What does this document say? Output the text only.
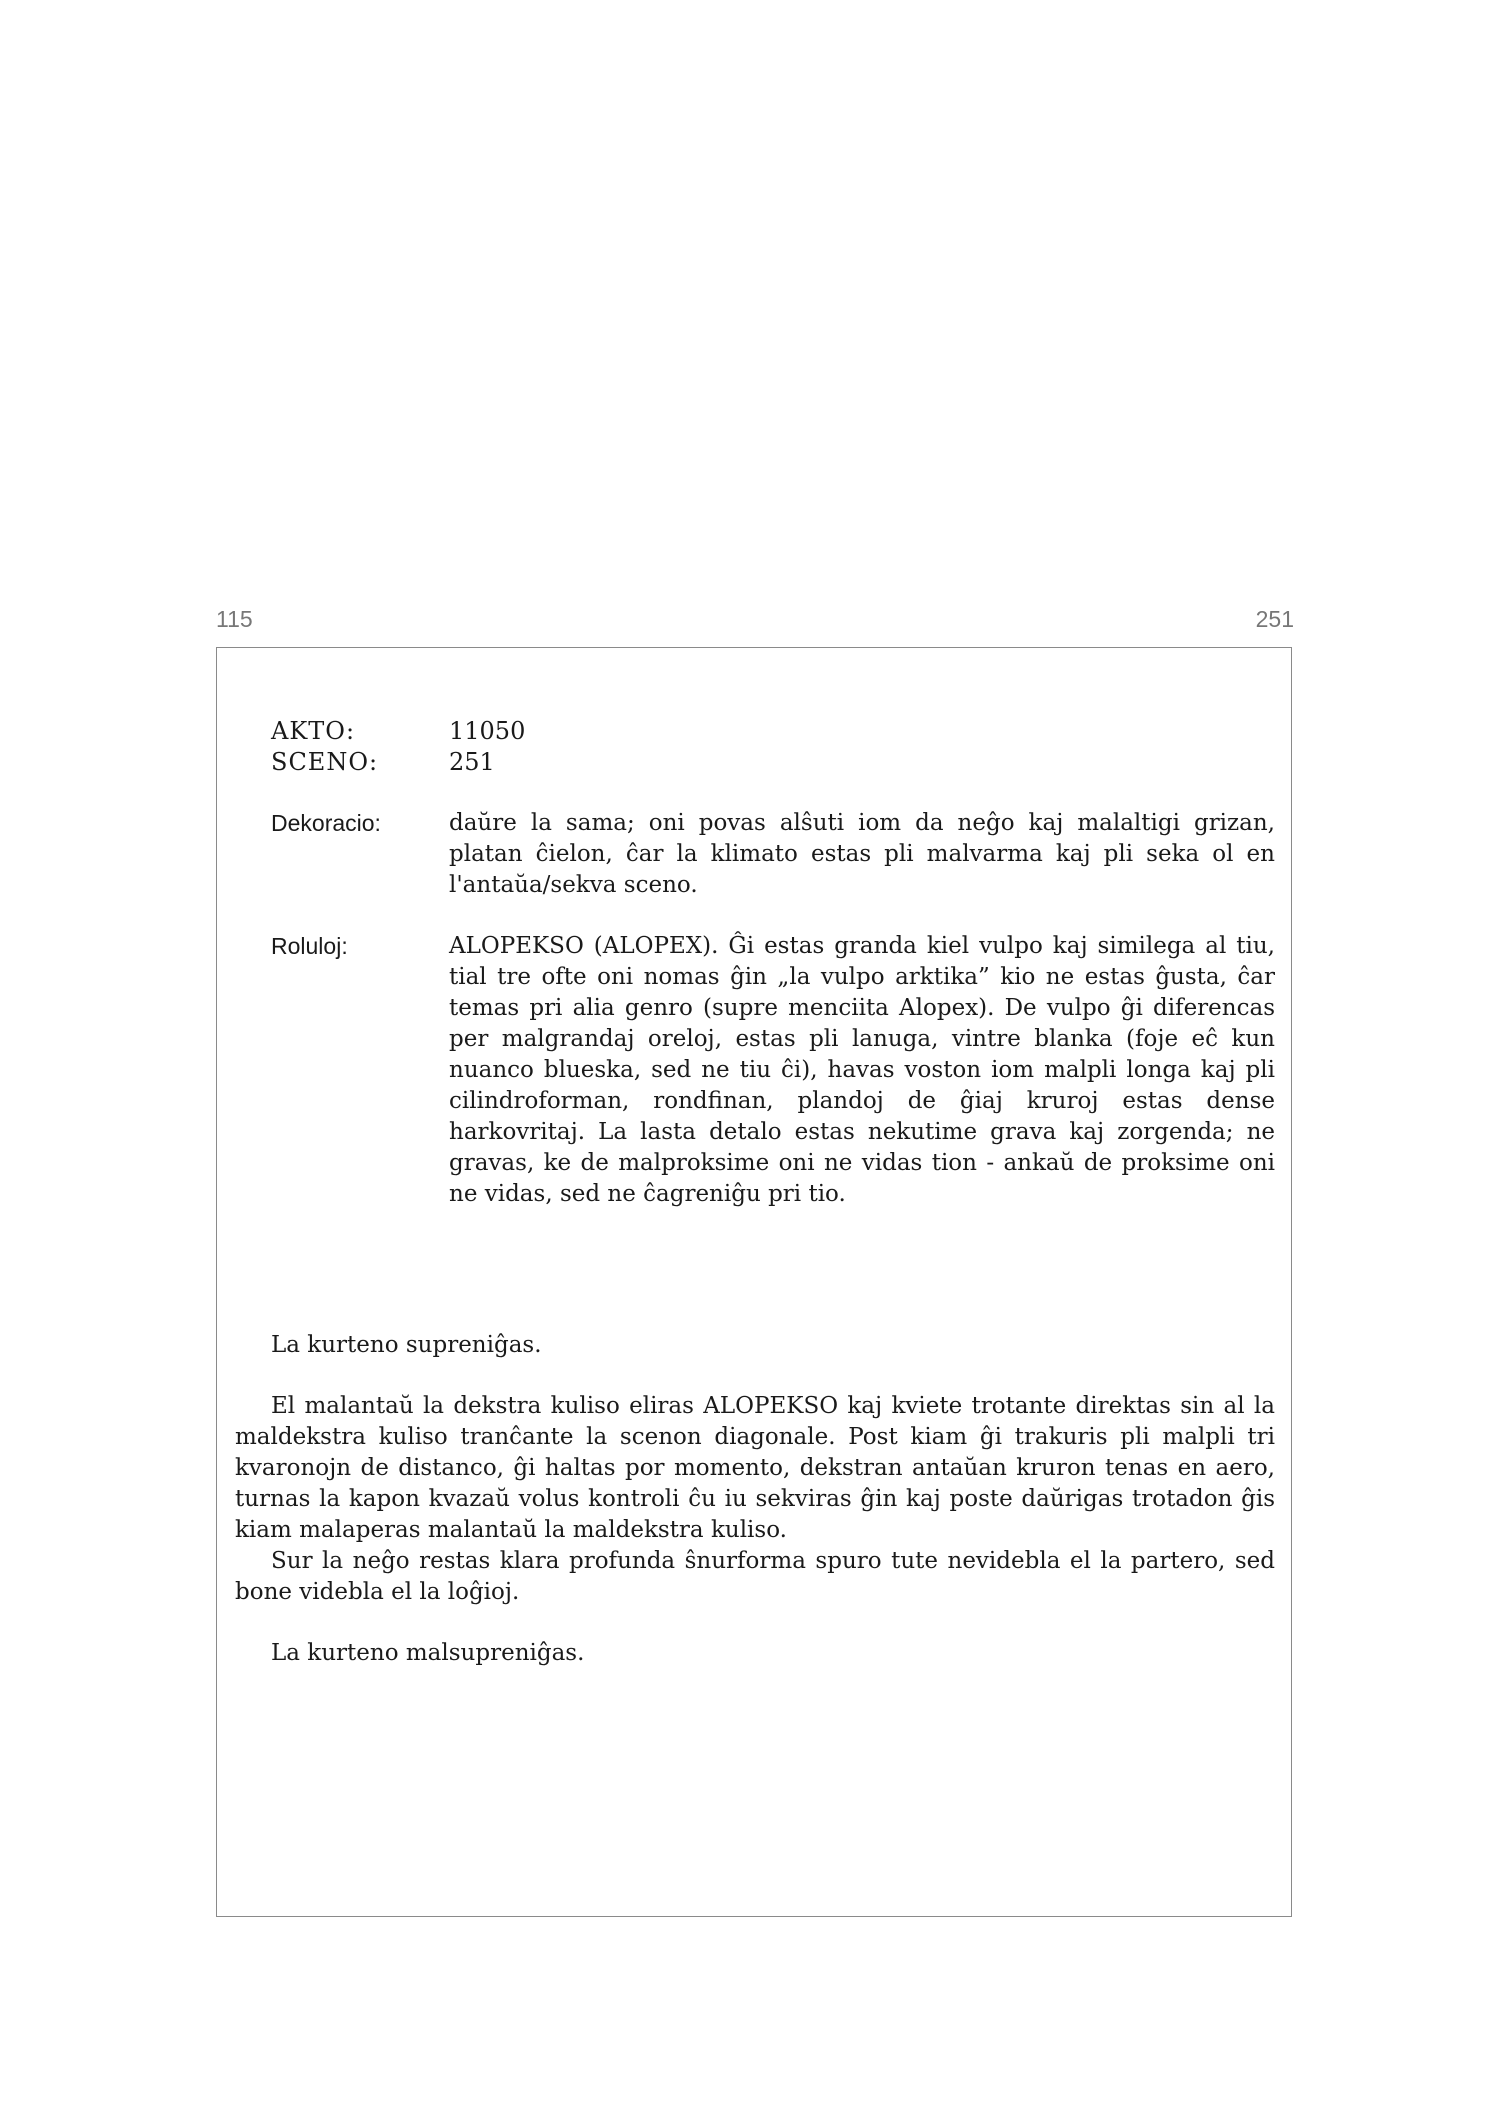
115	251
AKTO:	11050
SCENO:	251
Dekoracio:	daŭre la sama; oni povas alŝuti iom da neĝo kaj malaltigi grizan, platan ĉielon, ĉar la klimato estas pli malvarma kaj pli seka ol en l'antaŭa/sekva sceno.
Roluloj:	ALOPEKSO (ALOPEX). Ĝi estas granda kiel vulpo kaj similega al tiu, tial tre ofte oni nomas ĝin „la vulpo arktika” kio ne estas ĝusta, ĉar temas pri alia genro (supre menciita Alopex). De vulpo ĝi diferencas per malgrandaj oreloj, estas pli lanuga, vintre blanka (foje eĉ kun nuanco blueska, sed ne tiu ĉi), havas voston iom malpli longa kaj pli cilindroforman, rondfinan, plandoj de ĝiaj kruroj estas dense harkovritaj. La lasta detalo estas nekutime grava kaj zorgenda; ne gravas, ke de malproksime oni ne vidas tion - ankaŭ de proksime oni ne vidas, sed ne ĉagreniĝu pri tio.

La kurteno supreniĝas.

El malantaŭ la dekstra kuliso eliras ALOPEKSO kaj kviete trotante direktas sin al la maldekstra kuliso tranĉante la scenon diagonale. Post kiam ĝi trakuris pli malpli tri kvaronojn de distanco, ĝi haltas por momento, dekstran antaŭan kruron tenas en aero, turnas la kapon kvazaŭ volus kontroli ĉu iu sekviras ĝin kaj poste daŭrigas trotadon ĝis kiam malaperas malantaŭ la maldekstra kuliso.

Sur la neĝo restas klara profunda ŝnurforma spuro tute nevidebla el la partero, sed bone videbla el la loĝioj.

La kurteno malsupreniĝas.
